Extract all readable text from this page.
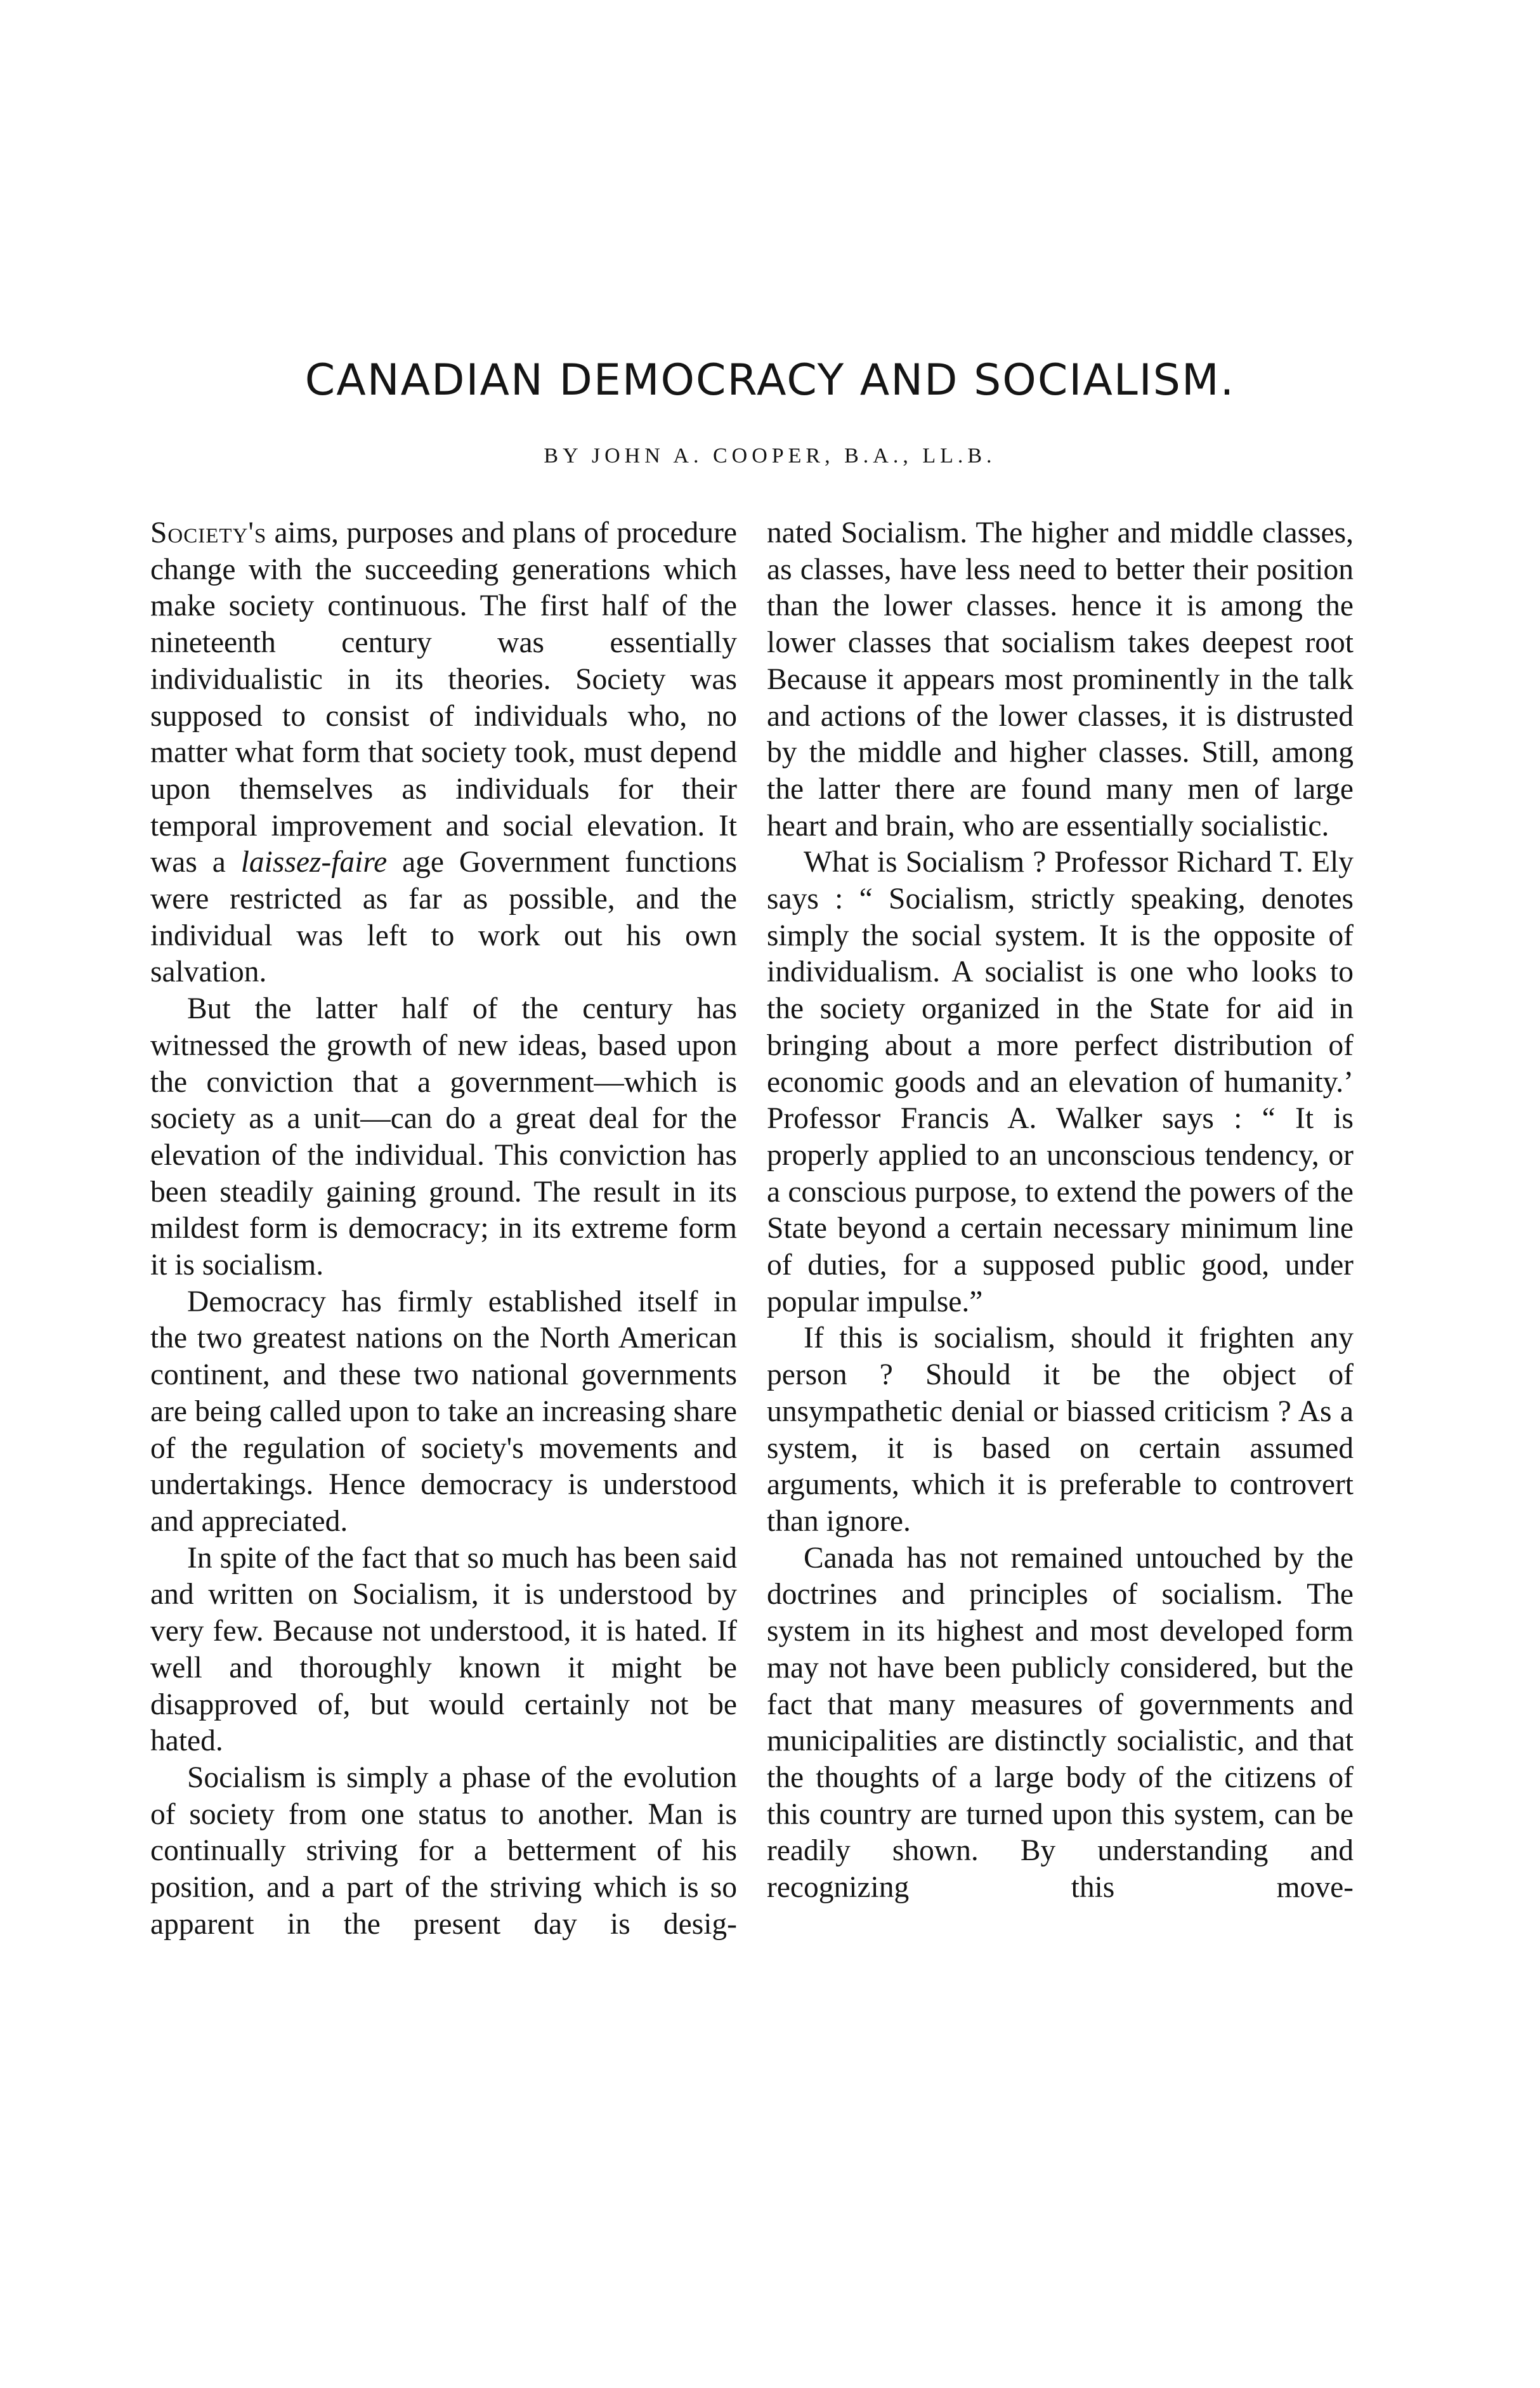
CANADIAN DEMOCRACY AND SOCIALISM.

BY JOHN A. COOPER, B.A., LL.B.

Society's aims, purposes and plans of procedure change with the succeeding generations which make society continuous. The first half of the nineteenth century was essentially individualistic in its theories. Society was supposed to consist of individuals who, no matter what form that society took, must depend upon themselves as individuals for their temporal improvement and social elevation. It was a laissez-faire age Government functions were restricted as far as possible, and the individual was left to work out his own salvation.

But the latter half of the century has witnessed the growth of new ideas, based upon the conviction that a government—which is society as a unit—can do a great deal for the elevation of the individual. This conviction has been steadily gaining ground. The result in its mildest form is democracy; in its extreme form it is socialism.

Democracy has firmly established itself in the two greatest nations on the North American continent, and these two national governments are being called upon to take an increasing share of the regulation of society's movements and undertakings. Hence democracy is understood and appreciated.

In spite of the fact that so much has been said and written on Socialism, it is understood by very few. Because not understood, it is hated. If well and thoroughly known it might be disapproved of, but would certainly not be hated.

Socialism is simply a phase of the evolution of society from one status to another. Man is continually striving for a betterment of his position, and a part of the striving which is so apparent in the present day is desig-

nated Socialism. The higher and middle classes, as classes, have less need to better their position than the lower classes. hence it is among the lower classes that socialism takes deepest root Because it appears most prominently in the talk and actions of the lower classes, it is distrusted by the middle and higher classes. Still, among the latter there are found many men of large heart and brain, who are essentially socialistic.

What is Socialism ? Professor Richard T. Ely says : “ Socialism, strictly speaking, denotes simply the social system. It is the opposite of individualism. A socialist is one who looks to the society organized in the State for aid in bringing about a more perfect distribution of economic goods and an elevation of humanity.’ Professor Francis A. Walker says : “ It is properly applied to an unconscious tendency, or a conscious purpose, to extend the powers of the State beyond a certain necessary minimum line of duties, for a supposed public good, under popular impulse.”

If this is socialism, should it frighten any person ? Should it be the object of unsympathetic denial or biassed criticism ? As a system, it is based on certain assumed arguments, which it is preferable to controvert than ignore.

Canada has not remained untouched by the doctrines and principles of socialism. The system in its highest and most developed form may not have been publicly considered, but the fact that many measures of governments and municipalities are distinctly socialistic, and that the thoughts of a large body of the citizens of this country are turned upon this system, can be readily shown. By understanding and recognizing this move-
